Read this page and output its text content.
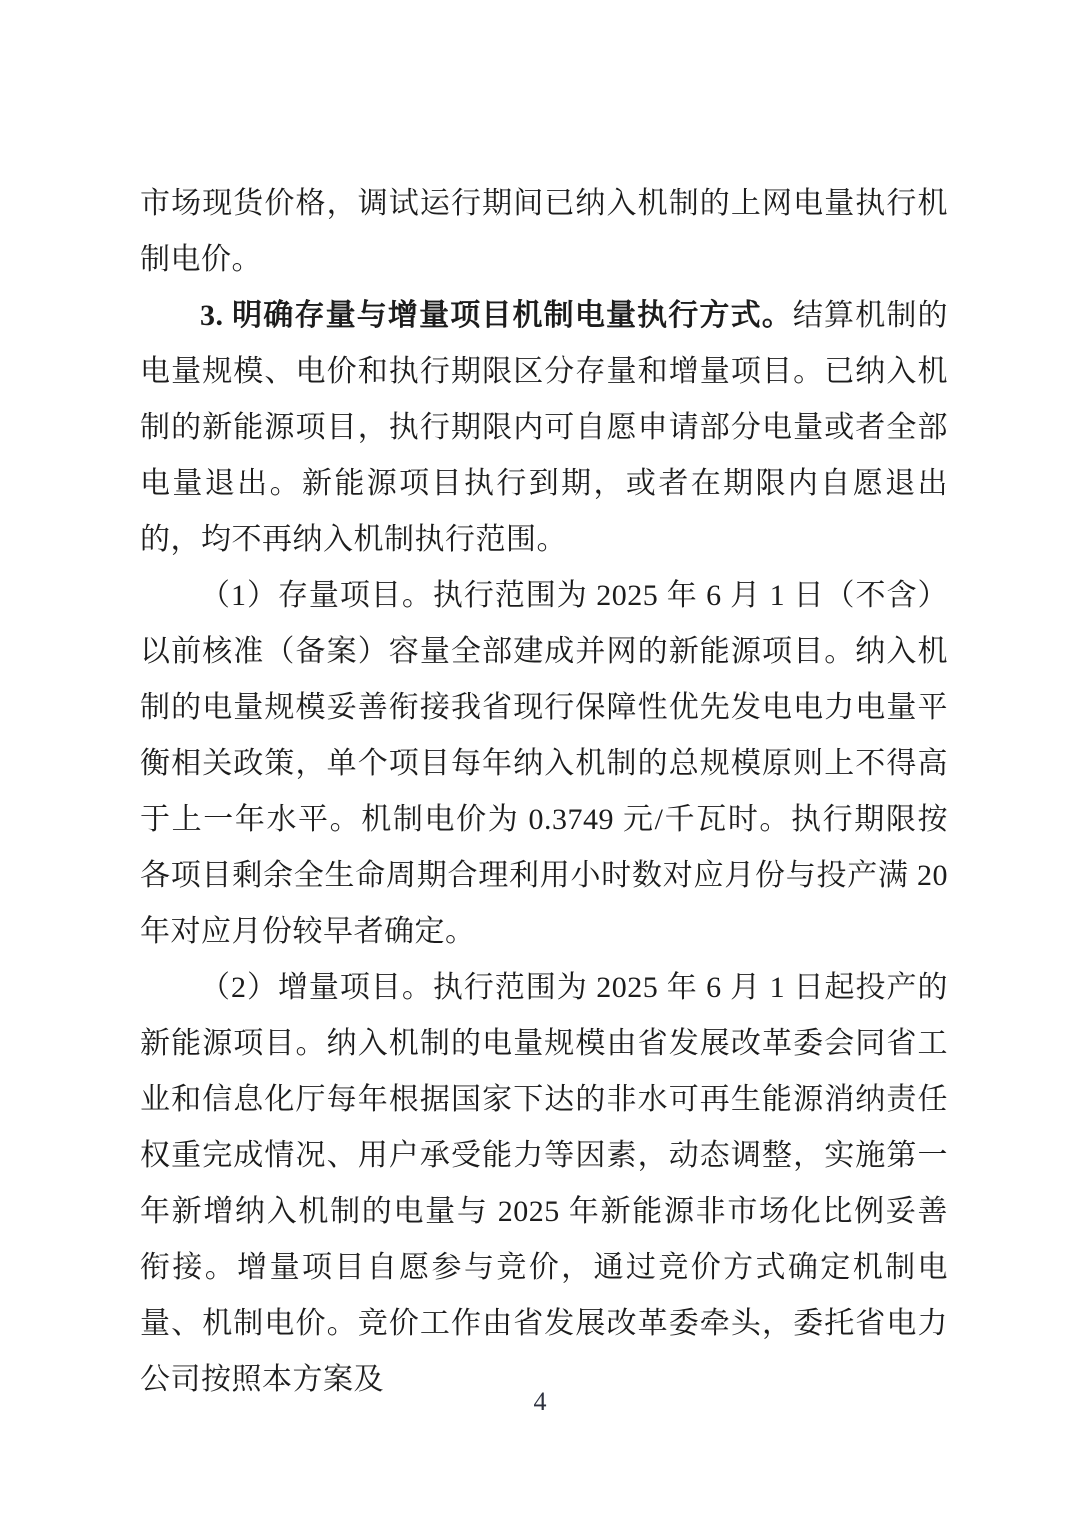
市场现货价格，调试运行期间已纳入机制的上网电量执行机制电价。

3. 明确存量与增量项目机制电量执行方式。结算机制的电量规模、电价和执行期限区分存量和增量项目。已纳入机制的新能源项目，执行期限内可自愿申请部分电量或者全部电量退出。新能源项目执行到期，或者在期限内自愿退出的，均不再纳入机制执行范围。

（1）存量项目。执行范围为 2025 年 6 月 1 日（不含）以前核准（备案）容量全部建成并网的新能源项目。纳入机制的电量规模妥善衔接我省现行保障性优先发电电力电量平衡相关政策，单个项目每年纳入机制的总规模原则上不得高于上一年水平。机制电价为 0.3749 元/千瓦时。执行期限按各项目剩余全生命周期合理利用小时数对应月份与投产满 20 年对应月份较早者确定。

（2）增量项目。执行范围为 2025 年 6 月 1 日起投产的新能源项目。纳入机制的电量规模由省发展改革委会同省工业和信息化厅每年根据国家下达的非水可再生能源消纳责任权重完成情况、用户承受能力等因素，动态调整，实施第一年新增纳入机制的电量与 2025 年新能源非市场化比例妥善衔接。增量项目自愿参与竞价，通过竞价方式确定机制电量、机制电价。竞价工作由省发展改革委牵头，委托省电力公司按照本方案及

4
